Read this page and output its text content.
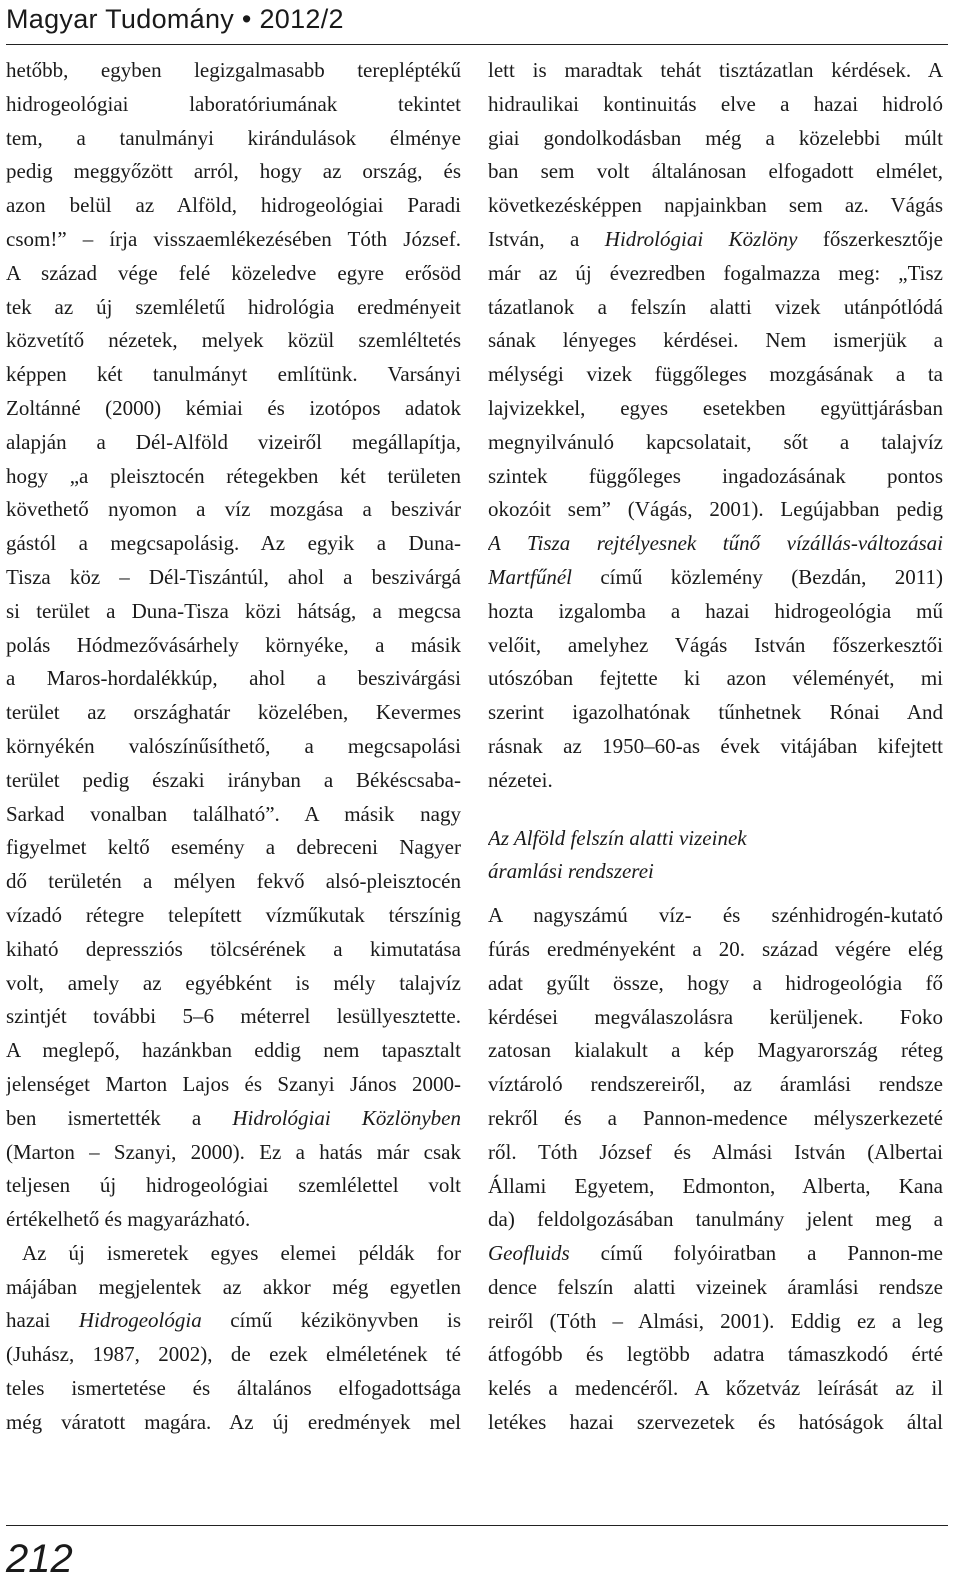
Magyar Tudomány • 2012/2
hetőbb, egyben legizgalmasabb terepléptékű
hidrogeológiai laboratóriumának tekintet
tem, a tanulmányi kirándulások élménye
pedig meggyőzött arról, hogy az ország, és
azon belül az Alföld, hidrogeológiai Paradi
csom!” – írja visszaemlékezésében Tóth József.
A század vége felé közeledve egyre erősöd
tek az új szemléletű hidrológia eredményeit
közvetítő nézetek, melyek közül szemléltetés
képpen két tanulmányt említünk. Varsányi
Zoltánné (2000) kémiai és izotópos adatok
alapján a Dél-Alföld vizeiről megállapítja,
hogy „a pleisztocén rétegekben két területen
követhető nyomon a víz mozgása a beszivár
gástól a megcsapolásig. Az egyik a Duna-
Tisza köz – Dél-Tiszántúl, ahol a beszivárgá
si terület a Duna-Tisza közi hátság, a megcsa
polás Hódmezővásárhely környéke, a másik
a Maros-hordalékkúp, ahol a beszivárgási
terület az országhatár közelében, Kevermes
környékén valószínűsíthető, a megcsapolási
terület pedig északi irányban a Békéscsaba-
Sarkad vonalban található”. A másik nagy
figyelmet keltő esemény a debreceni Nagyer
dő területén a mélyen fekvő alsó-pleisztocén
vízadó rétegre telepített vízműkutak térszínig
kiható depressziós tölcsérének a kimutatása
volt, amely az egyébként is mély talajvíz
szintjét további 5–6 méterrel lesüllyesztette.
A meglepő, hazánkban eddig nem tapasztalt
jelenséget Marton Lajos és Szanyi János 2000-
ben ismertették a Hidrológiai Közlönyben
(Marton – Szanyi, 2000). Ez a hatás már csak
teljesen új hidrogeológiai szemlélettel volt
értékelhető és magyarázható.
Az új ismeretek egyes elemei példák for
májában megjelentek az akkor még egyetlen
hazai Hidrogeológia című kézikönyvben is
(Juhász, 1987, 2002), de ezek elméletének té
teles ismertetése és általános elfogadottsága
még váratott magára. Az új eredmények mel
lett is maradtak tehát tisztázatlan kérdések. A
hidraulikai kontinuitás elve a hazai hidroló
giai gondolkodásban még a közelebbi múlt
ban sem volt általánosan elfogadott elmélet,
következésképpen napjainkban sem az. Vágás
István, a Hidrológiai Közlöny főszerkesztője
már az új évezredben fogalmazza meg: „Tisz
tázatlanok a felszín alatti vizek utánpótlódá
sának lényeges kérdései. Nem ismerjük a
mélységi vizek függőleges mozgásának a ta
lajvizekkel, egyes esetekben együttjárásban
megnyilvánuló kapcsolatait, sőt a talajvíz
szintek függőleges ingadozásának pontos
okozóit sem” (Vágás, 2001). Legújabban pedig
A Tisza rejtélyesnek tűnő vízállás-változásai
Martfűnél című közlemény (Bezdán, 2011)
hozta izgalomba a hazai hidrogeológia mű
velőit, amelyhez Vágás István főszerkesztői
utószóban fejtette ki azon véleményét, mi
szerint igazolhatónak tűnhetnek Rónai And
rásnak az 1950–60-as évek vitájában kifejtett
nézetei.
Az Alföld felszín alatti vizeinek
áramlási rendszerei
A nagyszámú víz- és szénhidrogén-kutató
fúrás eredményeként a 20. század végére elég
adat gyűlt össze, hogy a hidrogeológia fő
kérdései megválaszolásra kerüljenek. Foko
zatosan kialakult a kép Magyarország réteg
víztároló rendszereiről, az áramlási rendsze
rekről és a Pannon-medence mélyszerkezeté
ről. Tóth József és Almási István (Albertai
Állami Egyetem, Edmonton, Alberta, Kana
da) feldolgozásában tanulmány jelent meg a
Geofluids című folyóiratban a Pannon-me
dence felszín alatti vizeinek áramlási rendsze
reiről (Tóth – Almási, 2001). Eddig ez a leg
átfogóbb és legtöbb adatra támaszkodó érté
kelés a medencéről. A kőzetváz leírását az il
letékes hazai szervezetek és hatóságok által
212
